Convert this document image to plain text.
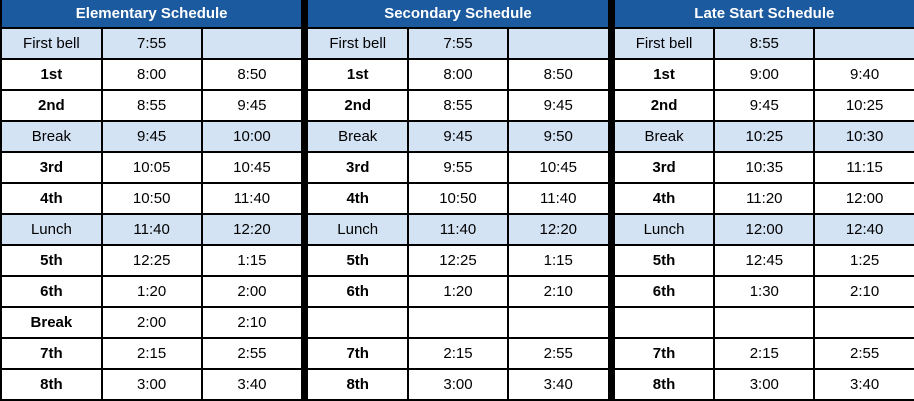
Elementary Schedule		
First bell	7:55	
1st	8:00	8:50
2nd	8:55	9:45
Break	9:45	10:00
3rd	10:05	10:45
4th	10:50	11:40
Lunch	11:40	12:20
5th	12:25	1:15
6th	1:20	2:00
Break	2:00	2:10
7th	2:15	2:55
8th	3:00	3:40
Secondary Schedule		
First bell	7:55	
1st	8:00	8:50
2nd	8:55	9:45
Break	9:45	9:50
3rd	9:55	10:45
4th	10:50	11:40
Lunch	11:40	12:20
5th	12:25	1:15
6th	1:20	2:10

7th	2:15	2:55
8th	3:00	3:40
Late Start Schedule		
First bell	8:55	
1st	9:00	9:40
2nd	9:45	10:25
Break	10:25	10:30
3rd	10:35	11:15
4th	11:20	12:00
Lunch	12:00	12:40
5th	12:45	1:25
6th	1:30	2:10

7th	2:15	2:55
8th	3:00	3:40
